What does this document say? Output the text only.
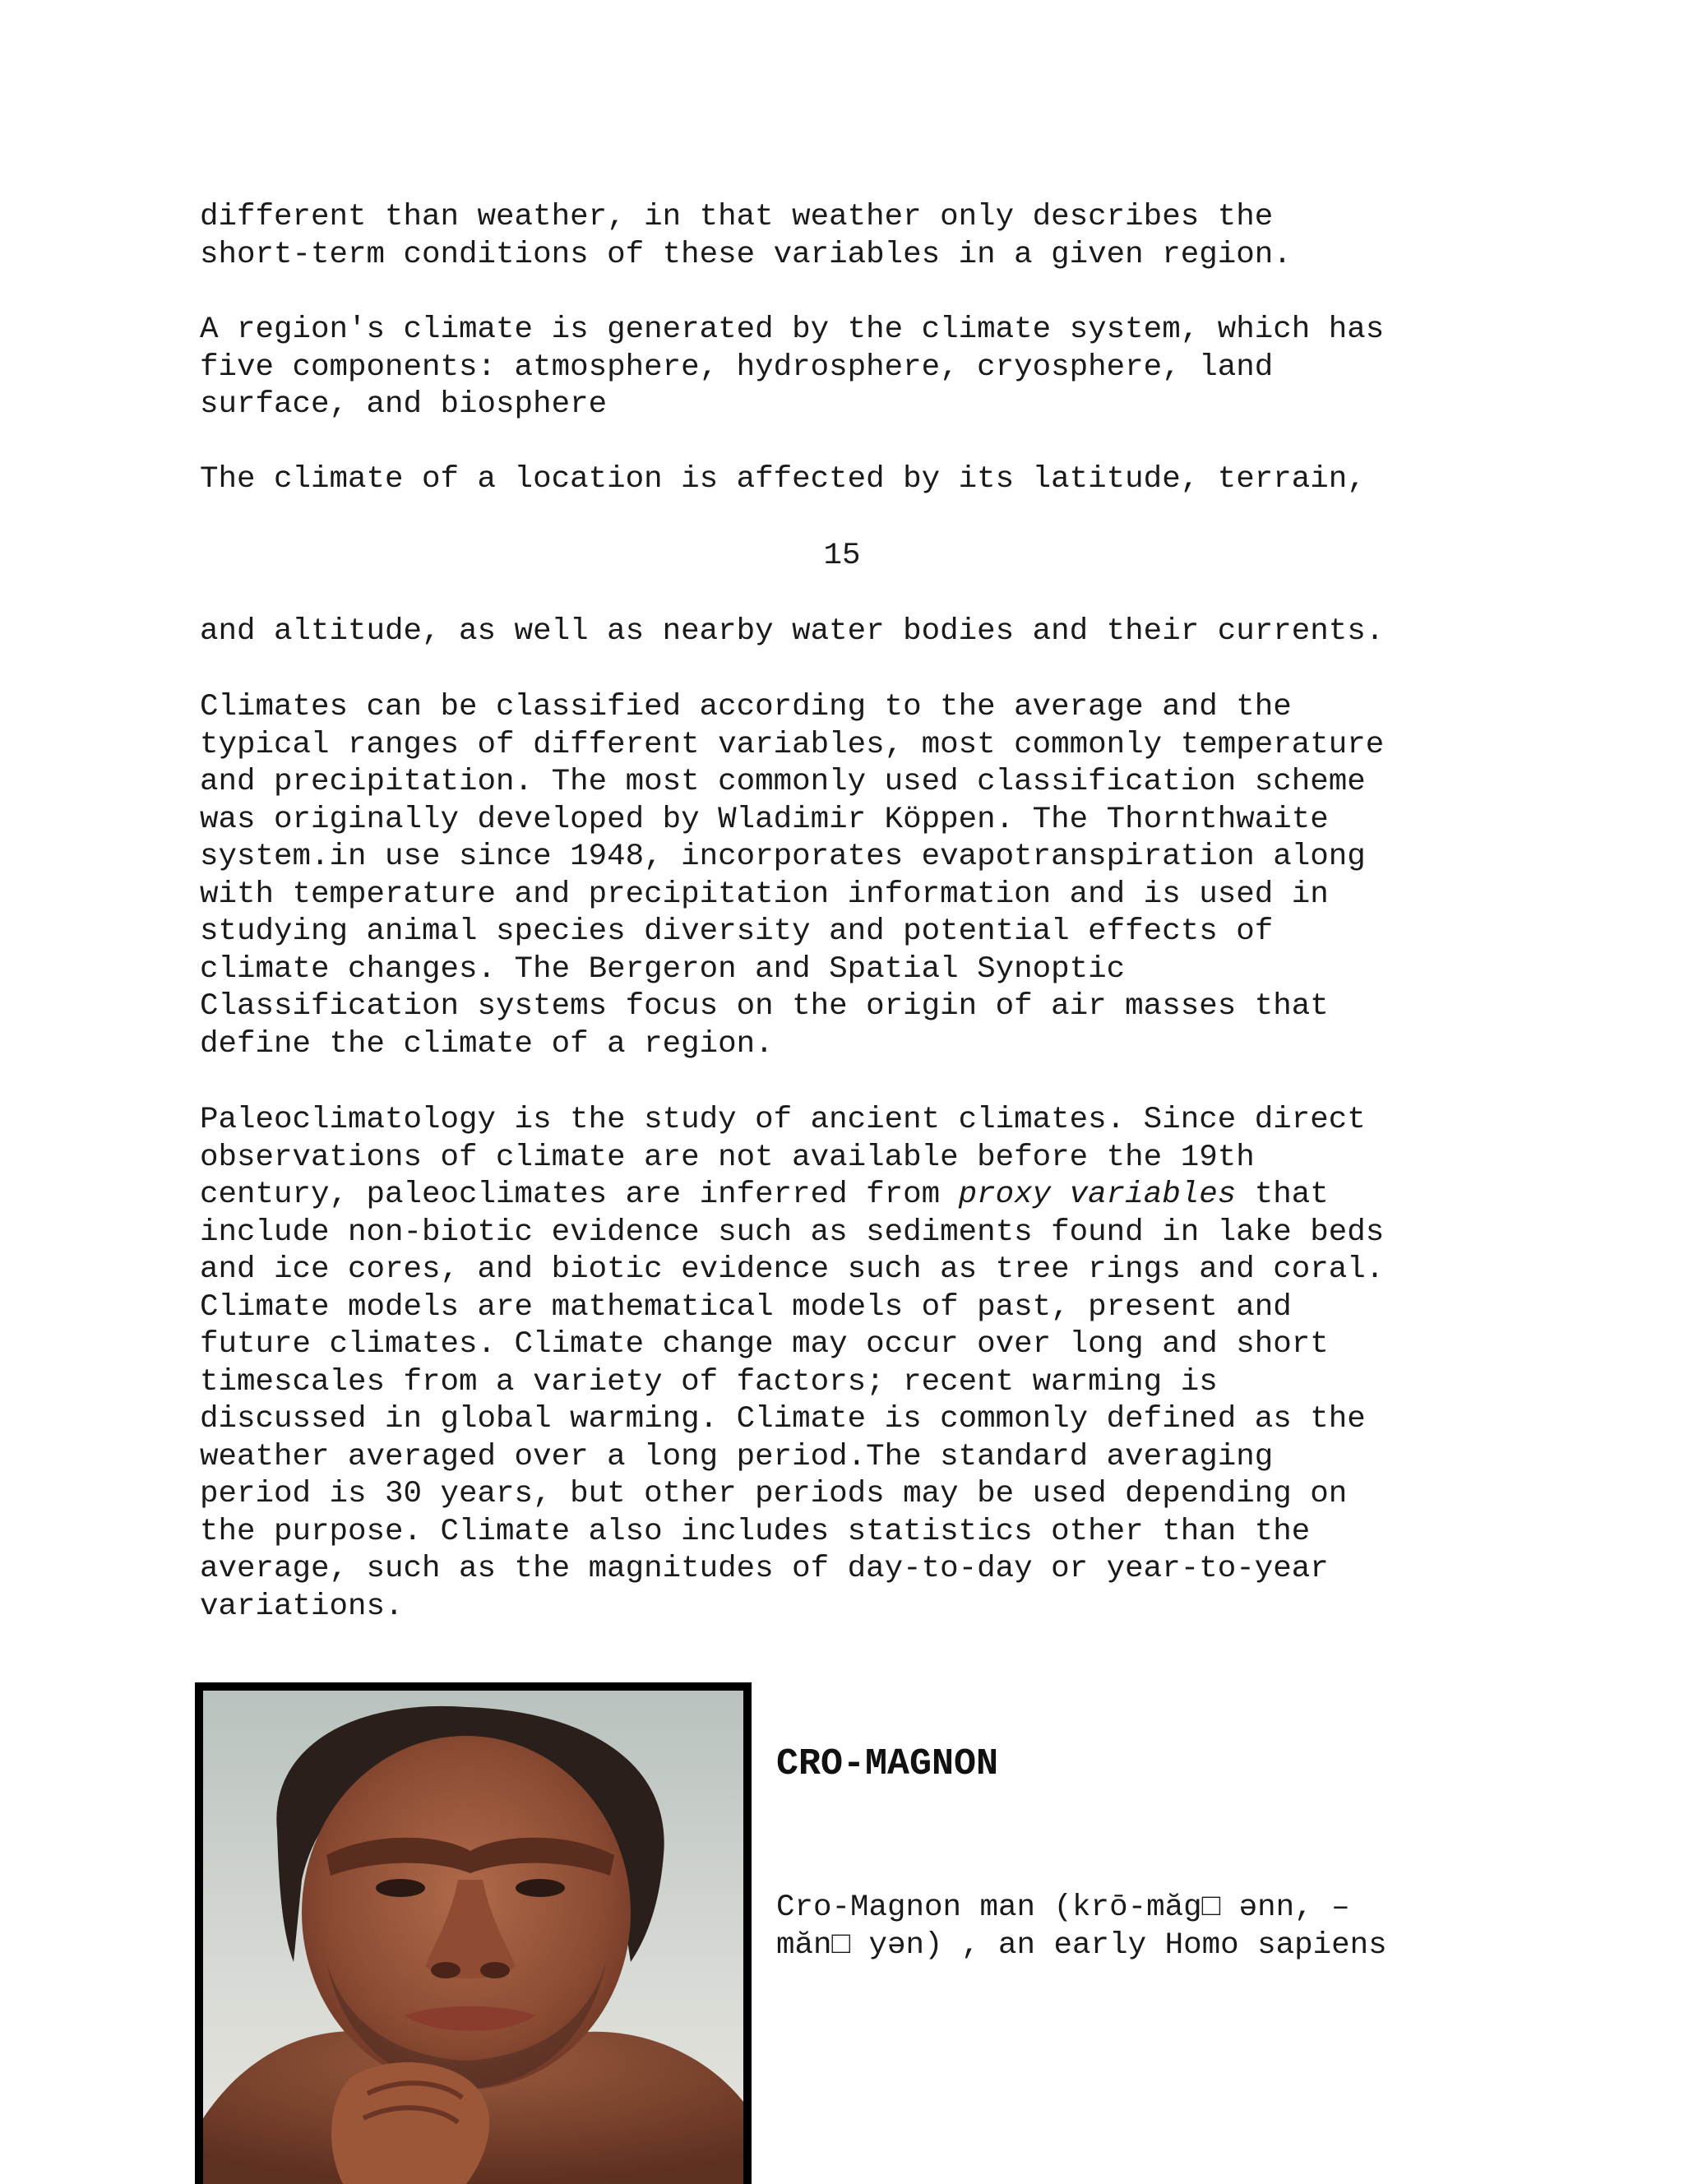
different than weather, in that weather only describes the
short-term conditions of these variables in a given region.

A region's climate is generated by the climate system, which has
five components: atmosphere, hydrosphere, cryosphere, land
surface, and biosphere

The climate of a location is affected by its latitude, terrain,

15

and altitude, as well as nearby water bodies and their currents.

Climates can be classified according to the average and the
typical ranges of different variables, most commonly temperature
and precipitation. The most commonly used classification scheme
was originally developed by Wladimir Köppen. The Thornthwaite
system.in use since 1948, incorporates evapotranspiration along
with temperature and precipitation information and is used in
studying animal species diversity and potential effects of
climate changes. The Bergeron and Spatial Synoptic
Classification systems focus on the origin of air masses that
define the climate of a region.

Paleoclimatology is the study of ancient climates. Since direct
observations of climate are not available before the 19th
century, paleoclimates are inferred from proxy variables that
include non-biotic evidence such as sediments found in lake beds
and ice cores, and biotic evidence such as tree rings and coral.
Climate models are mathematical models of past, present and
future climates. Climate change may occur over long and short
timescales from a variety of factors; recent warming is
discussed in global warming. Climate is commonly defined as the
weather averaged over a long period.The standard averaging
period is 30 years, but other periods may be used depending on
the purpose. Climate also includes statistics other than the
average, such as the magnitudes of day-to-day or year-to-year
variations.

CRO-MAGNON

Cro-Magnon man (krō-măg□ ənn, –
măn□ yən) , an early Homo sapiens
